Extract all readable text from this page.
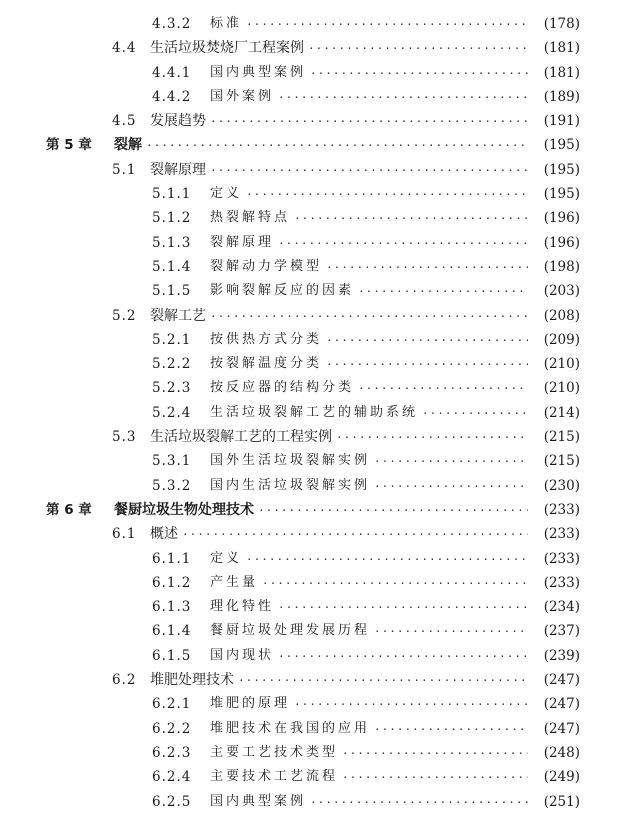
4.3.2	标准 ·····	(178)
4.4 生活垃圾焚烧厂工程案例 ·····	(181)
4.4.1	国内典型案例 ·····	(181)
4.4.2	国外案例 ·····	(189)
4.5 发展趋势 ·····	(191)
第 5 章	裂解 ·····	(195)
5.1 裂解原理 ·····	(195)
5.1.1	定义 ·····	(195)
5.1.2	热裂解特点 ·····	(196)
5.1.3	裂解原理 ·····	(196)
5.1.4	裂解动力学模型 ·····	(198)
5.1.5	影响裂解反应的因素 ·····	(203)
5.2 裂解工艺 ·····	(208)
5.2.1	按供热方式分类 ·····	(209)
5.2.2	按裂解温度分类 ·····	(210)
5.2.3	按反应器的结构分类 ·····	(210)
5.2.4	生活垃圾裂解工艺的辅助系统 ·····	(214)
5.3 生活垃圾裂解工艺的工程实例 ·····	(215)
5.3.1	国外生活垃圾裂解实例 ·····	(215)
5.3.2	国内生活垃圾裂解实例 ·····	(230)
第 6 章	餐厨垃圾生物处理技术 ·····	(233)
6.1 概述 ·····	(233)
6.1.1	定义 ·····	(233)
6.1.2	产生量 ·····	(233)
6.1.3	理化特性 ·····	(234)
6.1.4	餐厨垃圾处理发展历程 ·····	(237)
6.1.5	国内现状 ·····	(239)
6.2 堆肥处理技术 ·····	(247)
6.2.1	堆肥的原理 ·····	(247)
6.2.2	堆肥技术在我国的应用 ·····	(247)
6.2.3	主要工艺技术类型 ·····	(248)
6.2.4	主要技术工艺流程 ·····	(249)
6.2.5	国内典型案例 ·····	(251)
